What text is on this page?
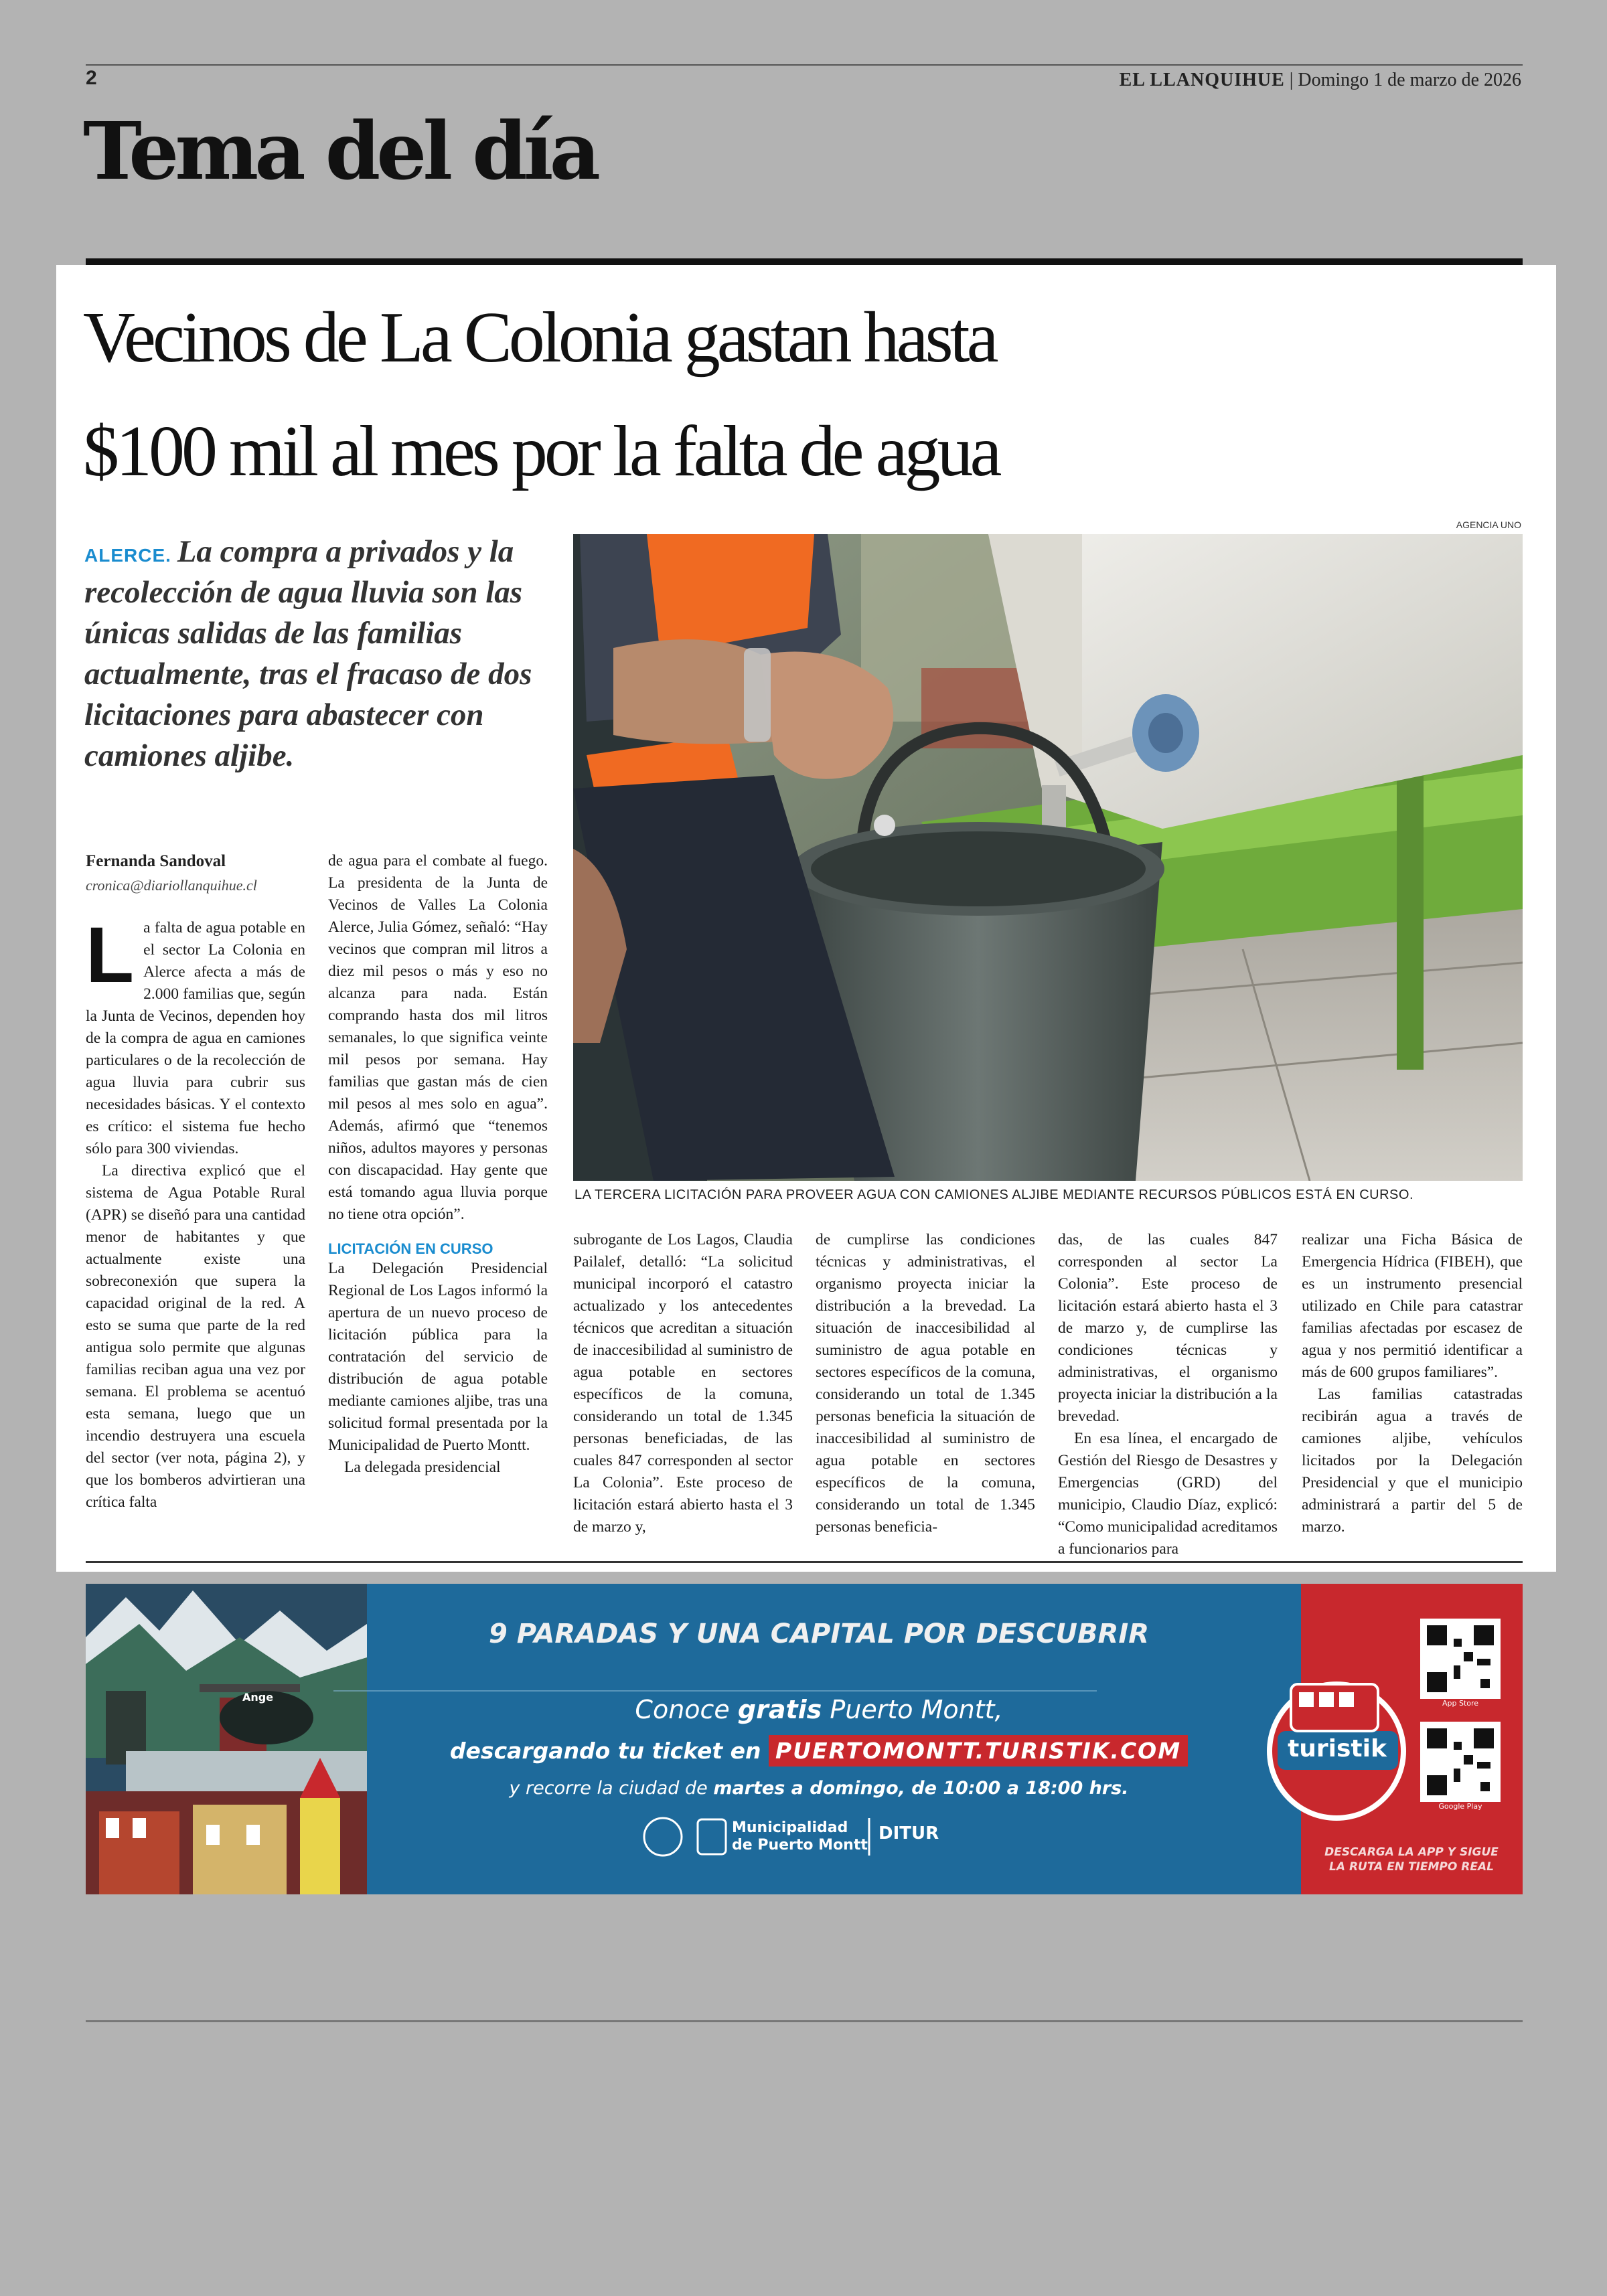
2	EL LLANQUIHUE | Domingo 1 de marzo de 2026
Tema del día
Vecinos de La Colonia gastan hasta
$100 mil al mes por la falta de agua
AGENCIA UNO
ALERCE. La compra a privados y la recolección de agua lluvia son las únicas salidas de las familias actualmente, tras el fracaso de dos licitaciones para abastecer con camiones aljibe.
LA TERCERA LICITACIÓN PARA PROVEER AGUA CON CAMIONES ALJIBE MEDIANTE RECURSOS PÚBLICOS ESTÁ EN CURSO.
Fernanda Sandoval
cronica@diariollanquihue.cl

La falta de agua potable en el sector La Colonia en Alerce afecta a más de 2.000 familias que, según la Junta de Vecinos, dependen hoy de la compra de agua en camiones particulares o de la recolección de agua lluvia para cubrir sus necesidades básicas. Y el contexto es crítico: el sistema fue hecho sólo para 300 viviendas.

La directiva explicó que el sistema de Agua Potable Rural (APR) se diseñó para una cantidad menor de habitantes y que actualmente existe una sobreconexión que supera la capacidad original de la red. A esto se suma que parte de la red antigua solo permite que algunas familias reciban agua una vez por semana. El problema se acentuó esta semana, luego que un incendio destruyera una escuela del sector (ver nota, página 2), y que los bomberos advirtieran una crítica falta

de agua para el combate al fuego. La presidenta de la Junta de Vecinos de Valles La Colonia Alerce, Julia Gómez, señaló: “Hay vecinos que compran mil litros a diez mil pesos o más y eso no alcanza para nada. Están comprando hasta dos mil litros semanales, lo que significa veinte mil pesos por semana. Hay familias que gastan más de cien mil pesos al mes solo en agua”. Además, afirmó que “tenemos niños, adultos mayores y personas con discapacidad. Hay gente que está tomando agua lluvia porque no tiene otra opción”.

LICITACIÓN EN CURSO

La Delegación Presidencial Regional de Los Lagos informó la apertura de un nuevo proceso de licitación pública para la contratación del servicio de distribución de agua potable mediante camiones aljibe, tras una solicitud formal presentada por la Municipalidad de Puerto Montt.

La delegada presidencial

subrogante de Los Lagos, Claudia Pailalef, detalló: “La solicitud municipal incorporó el catastro actualizado y los antecedentes técnicos que acreditan a situación de inaccesibilidad al suministro de agua potable en sectores específicos de la comuna, considerando un total de 1.345 personas beneficiadas, de las cuales 847 corresponden al sector La Colonia”. Este proceso de licitación estará abierto hasta el 3 de marzo y,

de cumplirse las condiciones técnicas y administrativas, el organismo proyecta iniciar la distribución a la brevedad. La situación de inaccesibilidad al suministro de agua potable en sectores específicos de la comuna, considerando un total de 1.345 personas beneficia la situación de inaccesibilidad al suministro de agua potable en sectores específicos de la comuna, considerando un total de 1.345 personas beneficia-

das, de las cuales 847 corresponden al sector La Colonia”. Este proceso de licitación estará abierto hasta el 3 de marzo y, de cumplirse las condiciones técnicas y administrativas, el organismo proyecta iniciar la distribución a la brevedad.

En esa línea, el encargado de Gestión del Riesgo de Desastres y Emergencias (GRD) del municipio, Claudio Díaz, explicó: “Como municipalidad acreditamos a funcionarios para

realizar una Ficha Básica de Emergencia Hídrica (FIBEH), que es un instrumento presencial utilizado en Chile para catastrar familias afectadas por escasez de agua y nos permitió identificar a más de 600 grupos familiares”.

Las familias catastradas recibirán agua a través de camiones aljibe, vehículos licitados por la Delegación Presidencial y que el municipio administrará a partir del 5 de marzo.

9 PARADAS Y UNA CAPITAL POR DESCUBRIR
Conoce gratis Puerto Montt,
descargando tu ticket en PUERTOMONTT.TURISTIK.COM
y recorre la ciudad de martes a domingo, de 10:00 a 18:00 hrs.
Municipalidad
de Puerto Montt
DITUR
turistik
DESCARGA LA APP Y SIGUE
LA RUTA EN TIEMPO REAL
App Store
Google Play
Ange
